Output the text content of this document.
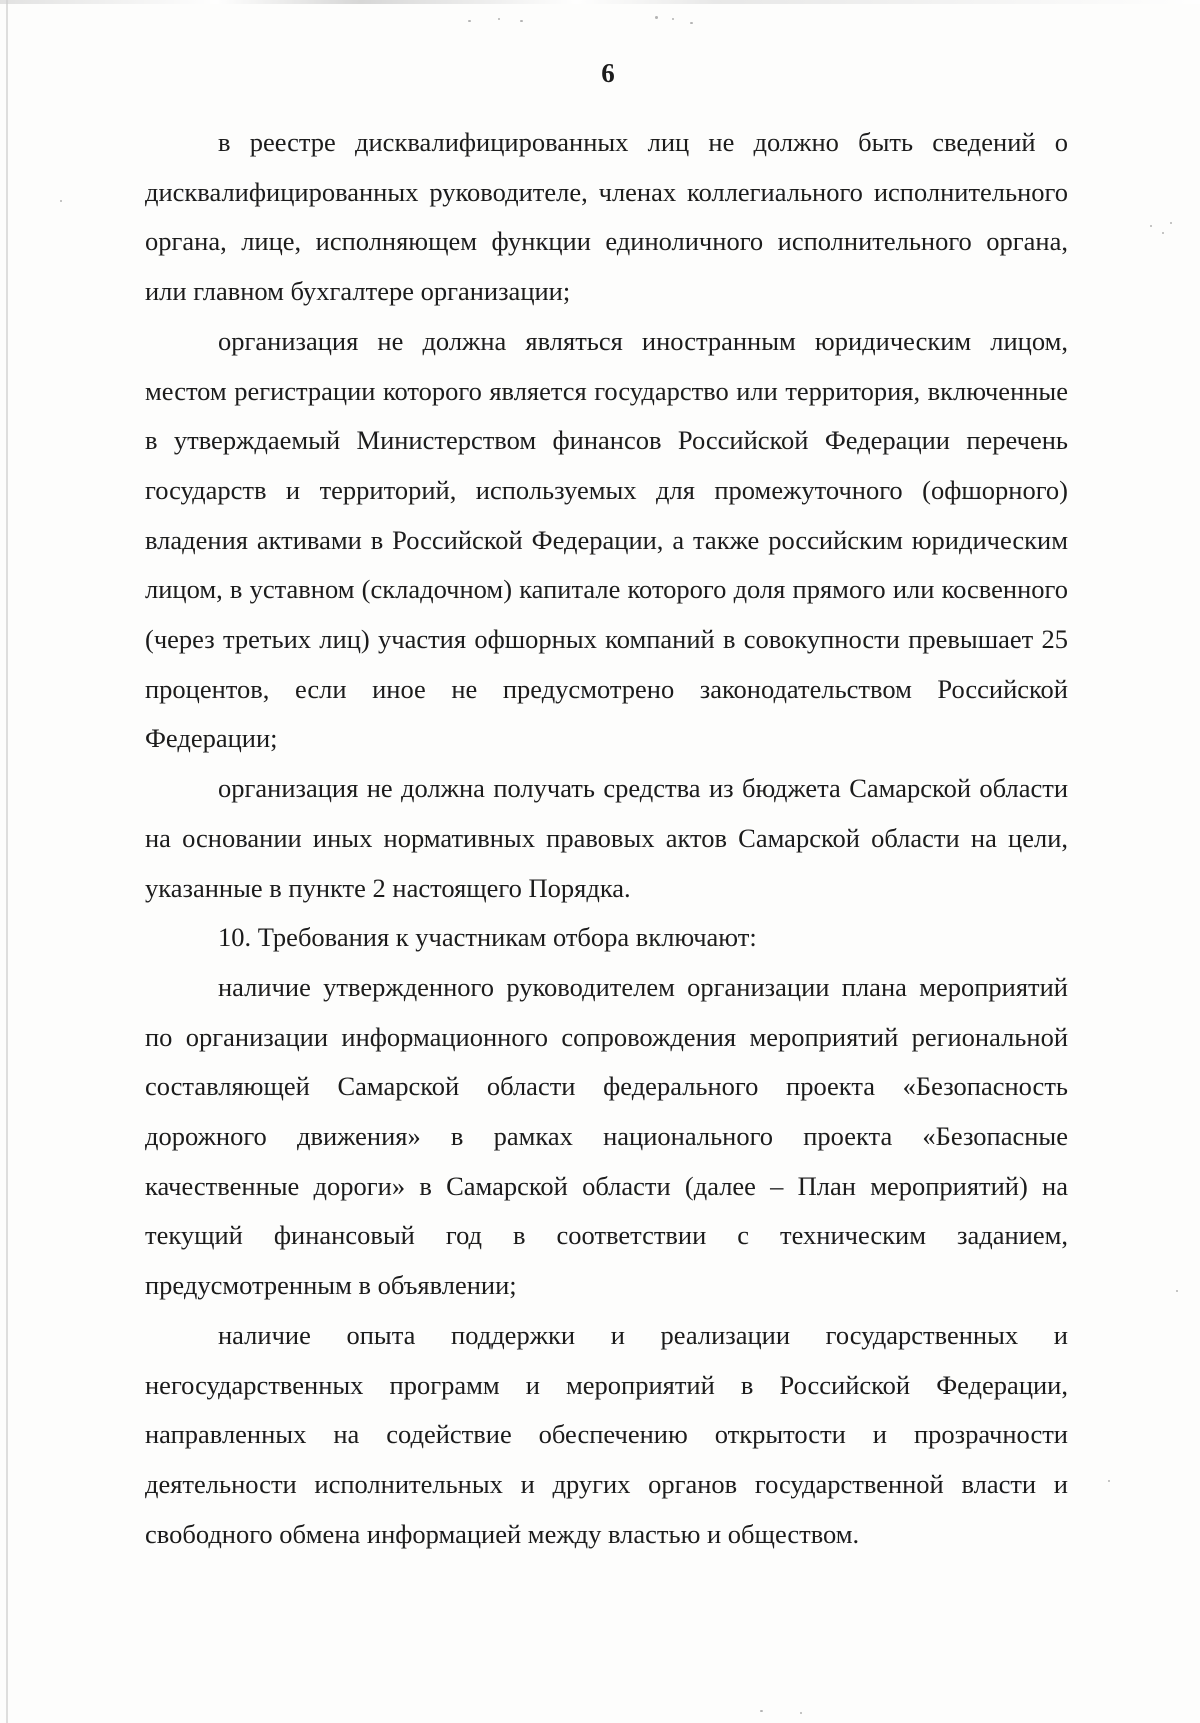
6

в реестре дисквалифицированных лиц не должно быть сведений о дисквалифицированных руководителе, членах коллегиального исполнительного органа, лице, исполняющем функции единоличного исполнительного органа, или главном бухгалтере организации;

организация не должна являться иностранным юридическим лицом, местом регистрации которого является государство или территория, включенные в утверждаемый Министерством финансов Российской Федерации перечень государств и территорий, используемых для промежуточного (офшорного) владения активами в Российской Федерации, а также российским юридическим лицом, в уставном (складочном) капитале которого доля прямого или косвенного (через третьих лиц) участия офшорных компаний в совокупности превышает 25 процентов, если иное не предусмотрено законодательством Российской Федерации;

организация не должна получать средства из бюджета Самарской области на основании иных нормативных правовых актов Самарской области на цели, указанные в пункте 2 настоящего Порядка.

10. Требования к участникам отбора включают:

наличие утвержденного руководителем организации плана мероприятий по организации информационного сопровождения мероприятий региональной составляющей Самарской области федерального проекта «Безопасность дорожного движения» в рамках национального проекта «Безопасные качественные дороги» в Самарской области (далее – План мероприятий) на текущий финансовый год в соответствии с техническим заданием, предусмотренным в объявлении;

наличие опыта поддержки и реализации государственных и негосударственных программ и мероприятий в Российской Федерации, направленных на содействие обеспечению открытости и прозрачности деятельности исполнительных и других органов государственной власти и свободного обмена информацией между властью и обществом.
